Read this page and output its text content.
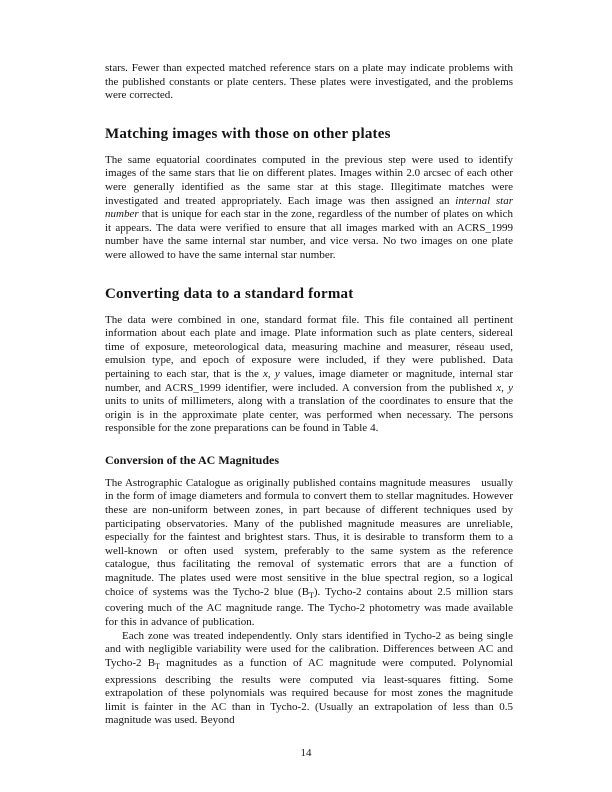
stars. Fewer than expected matched reference stars on a plate may indicate problems with the published constants or plate centers. These plates were investigated, and the problems were corrected.

Matching images with those on other plates

The same equatorial coordinates computed in the previous step were used to identify images of the same stars that lie on different plates. Images within 2.0 arcsec of each other were generally identified as the same star at this stage. Illegitimate matches were investigated and treated appropriately. Each image was then assigned an internal star number that is unique for each star in the zone, regardless of the number of plates on which it appears. The data were verified to ensure that all images marked with an ACRS_1999 number have the same internal star number, and vice versa. No two images on one plate were allowed to have the same internal star number.

Converting data to a standard format

The data were combined in one, standard format file. This file contained all pertinent information about each plate and image. Plate information such as plate centers, sidereal time of exposure, meteorological data, measuring machine and measurer, réseau used, emulsion type, and epoch of exposure were included, if they were published. Data pertaining to each star, that is the x, y values, image diameter or magnitude, internal star number, and ACRS_1999 identifier, were included. A conversion from the published x, y units to units of millimeters, along with a translation of the coordinates to ensure that the origin is in the approximate plate center, was performed when necessary. The persons responsible for the zone preparations can be found in Table 4.

Conversion of the AC Magnitudes

The Astrographic Catalogue as originally published contains magnitude measures usually in the form of image diameters and formula to convert them to stellar magnitudes. However these are non-uniform between zones, in part because of different techniques used by participating observatories. Many of the published magnitude measures are unreliable, especially for the faintest and brightest stars. Thus, it is desirable to transform them to a well-known or often used system, preferably to the same system as the reference catalogue, thus facilitating the removal of systematic errors that are a function of magnitude. The plates used were most sensitive in the blue spectral region, so a logical choice of systems was the Tycho-2 blue $(B_T)$. Tycho-2 contains about 2.5 million stars covering much of the AC magnitude range. The Tycho-2 photometry was made available for this in advance of publication.

Each zone was treated independently. Only stars identified in Tycho-2 as being single and with negligible variability were used for the calibration. Differences between AC and Tycho-2 $B_T$ magnitudes as a function of AC magnitude were computed. Polynomial expressions describing the results were computed via least-squares fitting. Some extrapolation of these polynomials was required because for most zones the magnitude limit is fainter in the AC than in Tycho-2. (Usually an extrapolation of less than 0.5 magnitude was used. Beyond

14
